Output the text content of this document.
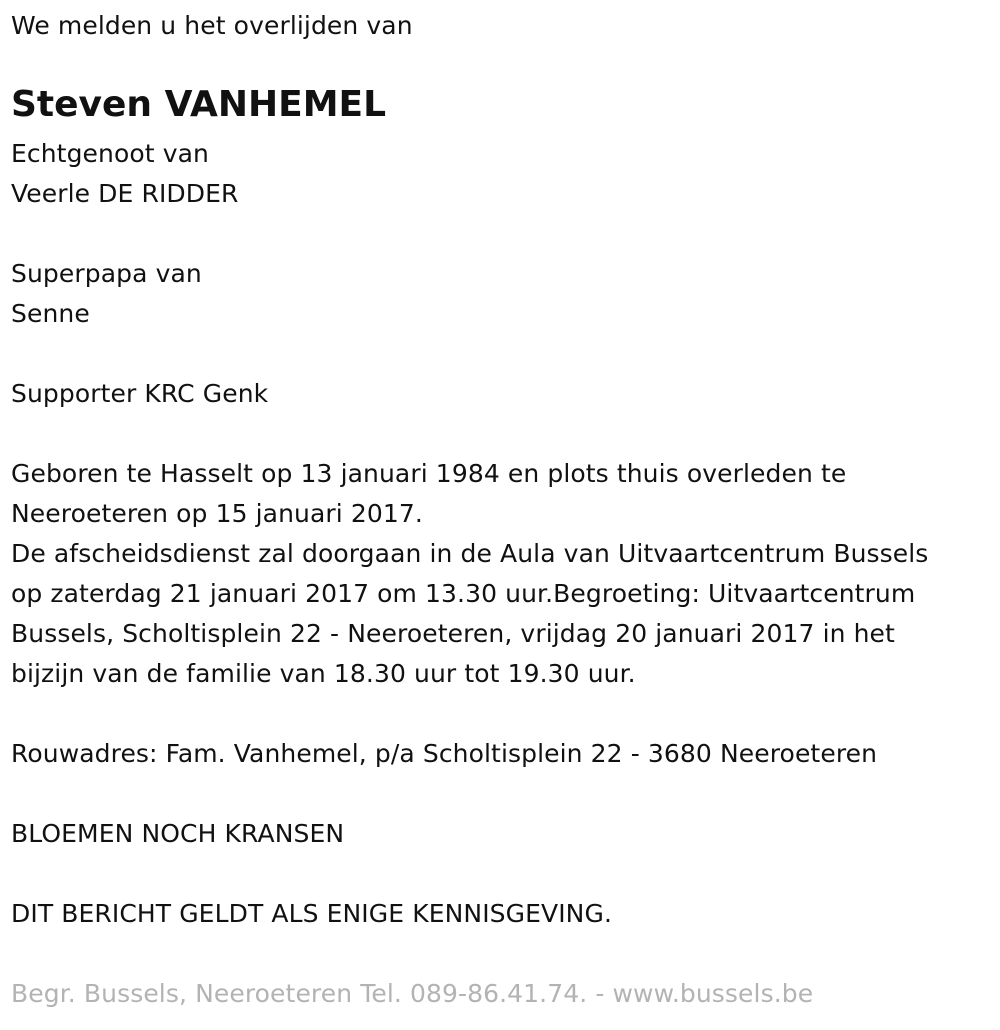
We melden u het overlijden van
Steven VANHEMEL
Echtgenoot van
Veerle DE RIDDER
Superpapa van
Senne
Supporter KRC Genk
Geboren te Hasselt op 13 januari 1984 en plots thuis overleden te
Neeroeteren op 15 januari 2017.
De afscheidsdienst zal doorgaan in de Aula van Uitvaartcentrum Bussels
op zaterdag 21 januari 2017 om 13.30 uur.Begroeting: Uitvaartcentrum
Bussels, Scholtisplein 22 - Neeroeteren, vrijdag 20 januari 2017 in het
bijzijn van de familie van 18.30 uur tot 19.30 uur.
Rouwadres: Fam. Vanhemel, p/a Scholtisplein 22 - 3680 Neeroeteren
BLOEMEN NOCH KRANSEN
DIT BERICHT GELDT ALS ENIGE KENNISGEVING.
Begr. Bussels, Neeroeteren Tel. 089-86.41.74. - www.bussels.be
